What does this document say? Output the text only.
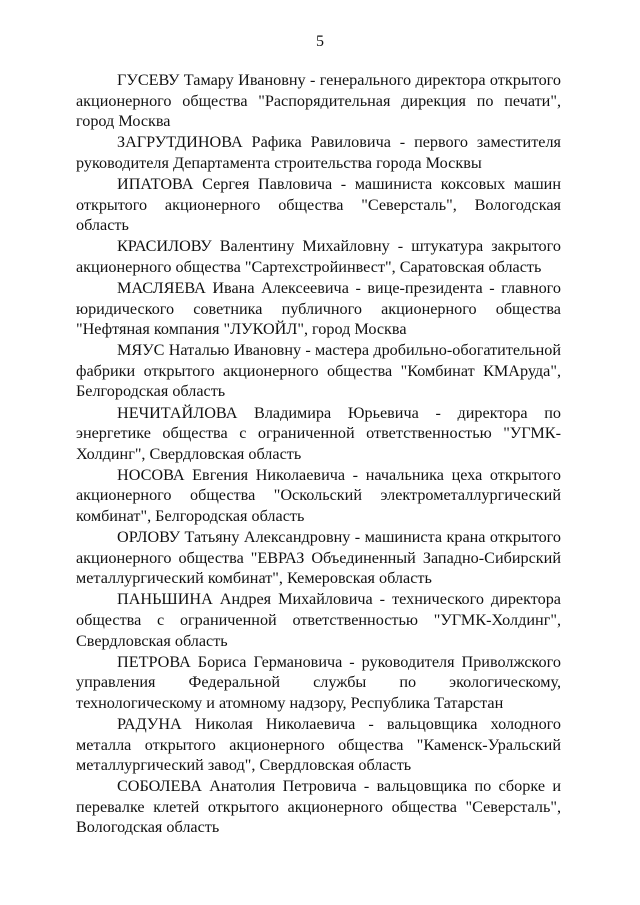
5

ГУСЕВУ Тамару Ивановну - генерального директора открытого акционерного общества "Распорядительная дирекция по печати", город Москва

ЗАГРУТДИНОВА Рафика Равиловича - первого заместителя руководителя Департамента строительства города Москвы

ИПАТОВА Сергея Павловича - машиниста коксовых машин открытого акционерного общества "Северсталь", Вологодская область

КРАСИЛОВУ Валентину Михайловну - штукатура закрытого акционерного общества "Сартехстройинвест", Саратовская область

МАСЛЯЕВА Ивана Алексеевича - вице-президента - главного юридического советника публичного акционерного общества "Нефтяная компания "ЛУКОЙЛ", город Москва

МЯУС Наталью Ивановну - мастера дробильно-обогатительной фабрики открытого акционерного общества "Комбинат КМАруда", Белгородская область

НЕЧИТАЙЛОВА Владимира Юрьевича - директора по энергетике общества с ограниченной ответственностью "УГМК-Холдинг", Свердловская область

НОСОВА Евгения Николаевича - начальника цеха открытого акционерного общества "Оскольский электрометаллургический комбинат", Белгородская область

ОРЛОВУ Татьяну Александровну - машиниста крана открытого акционерного общества "ЕВРАЗ Объединенный Западно-Сибирский металлургический комбинат", Кемеровская область

ПАНЬШИНА Андрея Михайловича - технического директора общества с ограниченной ответственностью "УГМК-Холдинг", Свердловская область

ПЕТРОВА Бориса Германовича - руководителя Приволжского управления Федеральной службы по экологическому, технологическому и атомному надзору, Республика Татарстан

РАДУНА Николая Николаевича - вальцовщика холодного металла открытого акционерного общества "Каменск-Уральский металлургический завод", Свердловская область

СОБОЛЕВА Анатолия Петровича - вальцовщика по сборке и перевалке клетей открытого акционерного общества "Северсталь", Вологодская область
